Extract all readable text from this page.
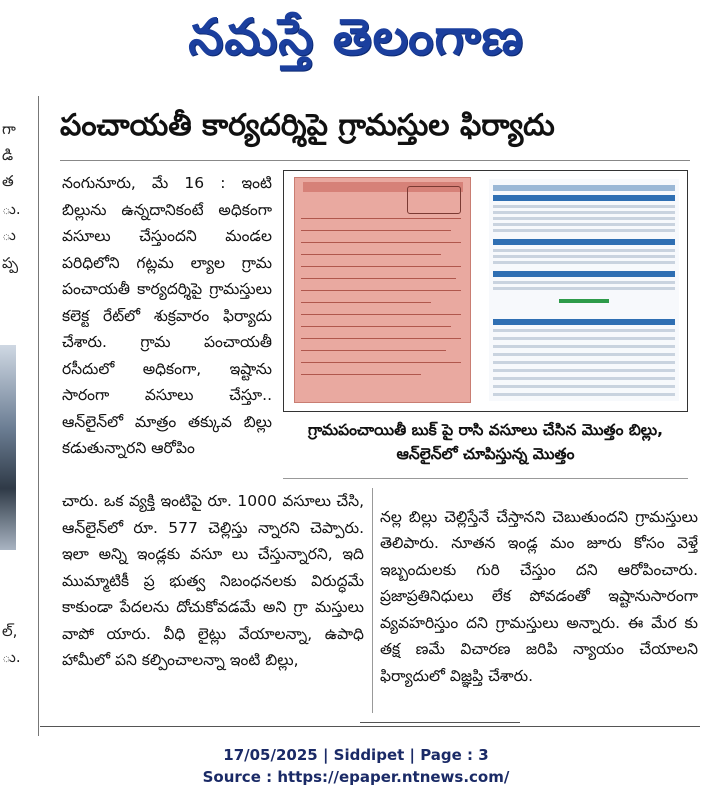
నమస్తే తెలంగాణ
గా
డి
త
ు.
ు
ప్ప
ల్,
ు.
పంచాయతీ కార్యదర్శిపై గ్రామస్తుల ఫిర్యాదు

నంగునూరు, మే 16 : ఇంటి బిల్లును ఉన్నదానికంటే అధికంగా వసూలు చేస్తుందని మండల పరిధిలోని గట్లమ ల్యాల గ్రామ పంచాయతీ కార్యదర్శిపై గ్రామస్తులు కలెక్ట రేట్‌లో శుక్రవారం ఫిర్యాదు చేశారు. గ్రామ పంచాయతీ రసీదులో అధికంగా, ఇష్టాను సారంగా వసూలు చేస్తూ.. ఆన్‌లైన్‌లో మాత్రం తక్కువ బిల్లు కడుతున్నారని ఆరోపిం

గ్రామపంచాయితీ బుక్ పై రాసి వసూలు చేసిన మొత్తం బిల్లు, ఆన్‌లైన్‌లో చూపిస్తున్న మొత్తం

చారు. ఒక వ్యక్తి ఇంటిపై రూ. 1000 వసూలు చేసి, ఆన్‌లైన్‌లో రూ. 577 చెల్లిస్తు న్నారని చెప్పారు. ఇలా అన్ని ఇండ్లకు వసూ లు చేస్తున్నారని, ఇది ముమ్మాటికీ ప్ర భుత్వ నిబంధనలకు విరుద్ధమే కాకుండా పేదలను దోచుకోవడమే అని గ్రా మస్తులు వాపో యారు. వీధి లైట్లు వేయాలన్నా, ఉపాధి హామీలో పని కల్పించాలన్నా ఇంటి బిల్లు,

నల్ల బిల్లు చెల్లిస్తేనే చేస్తానని చెబుతుందని గ్రామస్తులు తెలిపారు. నూతన ఇండ్ల మం జూరు కోసం వెళ్తే ఇబ్బందులకు గురి చేస్తుం దని ఆరోపించారు. ప్రజాప్రతినిధులు లేక పోవడంతో ఇష్టానుసారంగా వ్యవహరిస్తుం దని గ్రామస్తులు అన్నారు. ఈ మేర కు తక్ష ణమే విచారణ జరిపి న్యాయం చేయాలని ఫిర్యాదులో విజ్ఞప్తి చేశారు.

17/05/2025 | Siddipet | Page : 3
Source : https://epaper.ntnews.com/
